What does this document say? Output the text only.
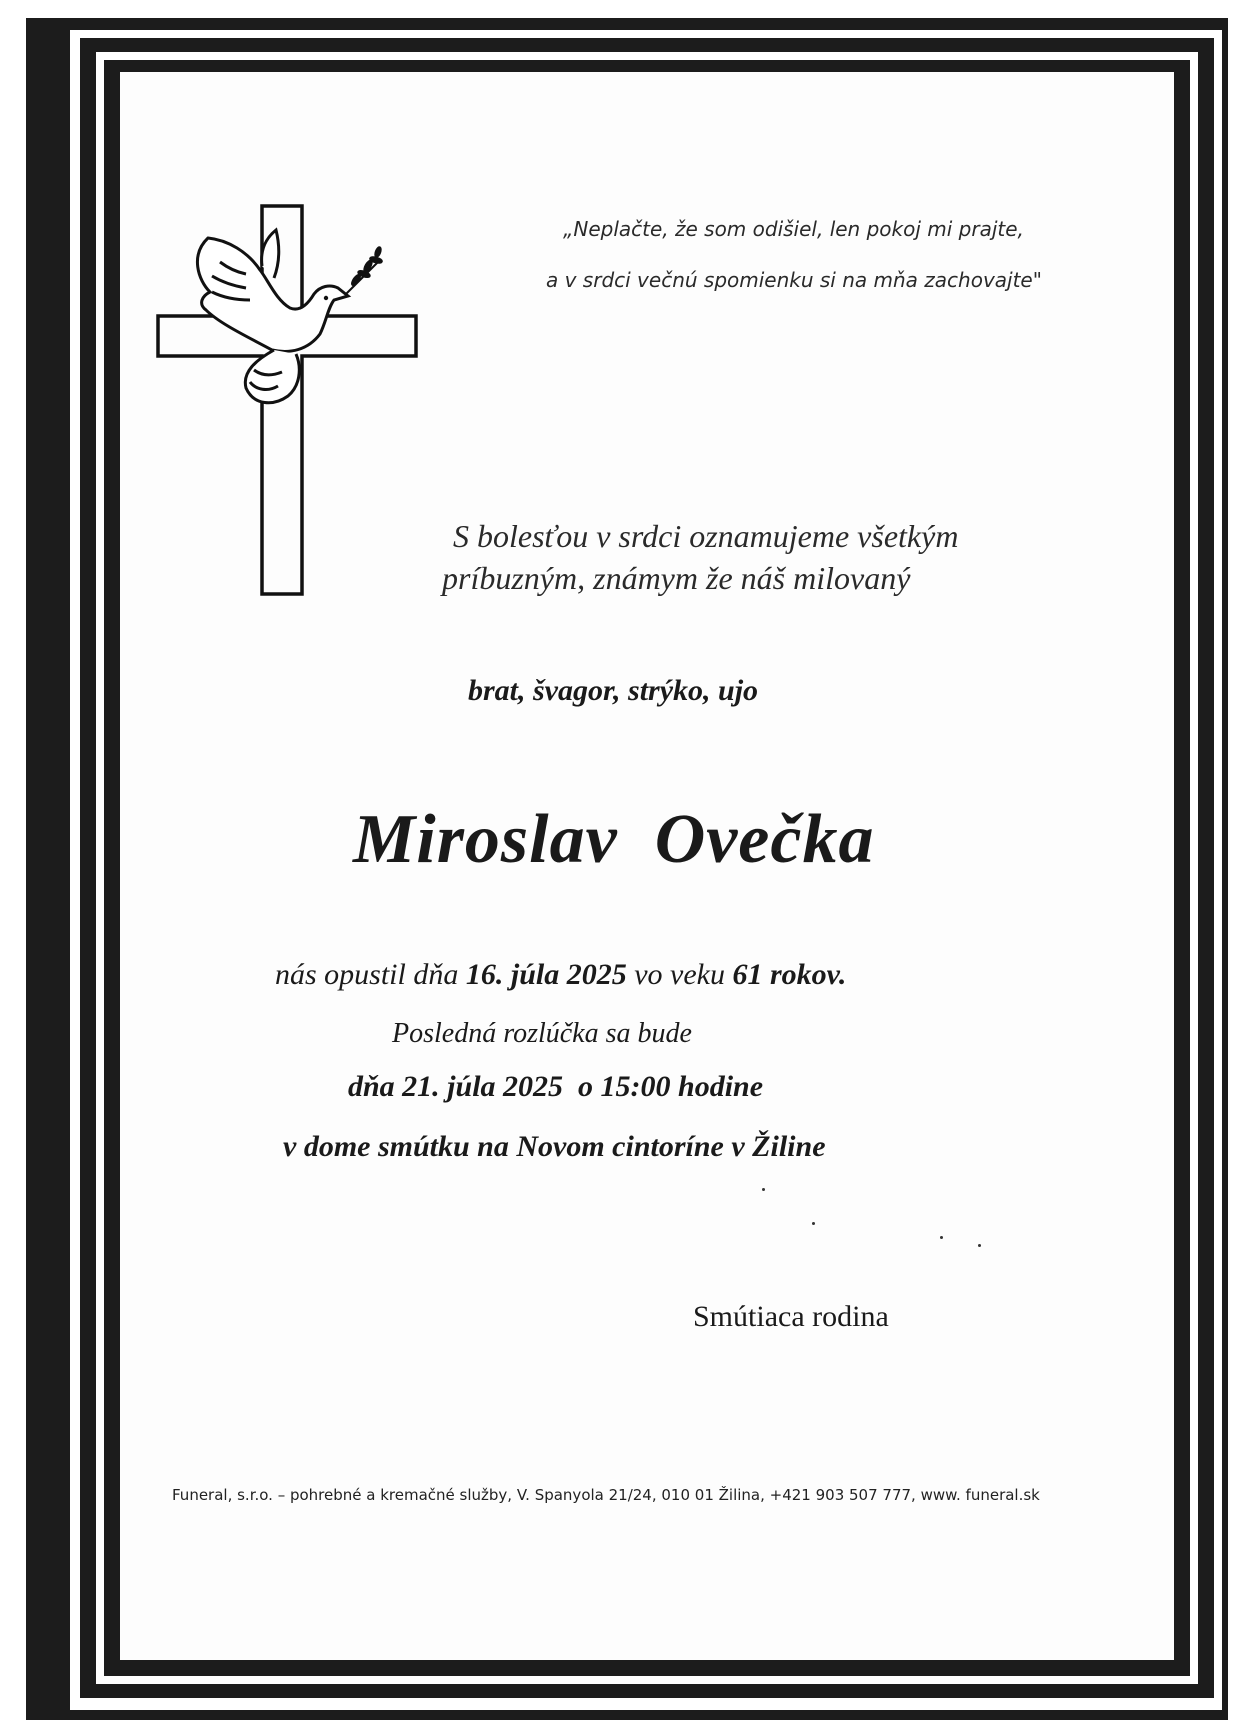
„Neplačte, že som odišiel, len pokoj mi prajte,
a v srdci večnú spomienku si na mňa zachovajte"
S bolesťou v srdci oznamujeme všetkým
príbuzným, známym že náš milovaný
brat, švagor, strýko, ujo
Miroslav  Ovečka
nás opustil dňa 16. júla 2025 vo veku 61 rokov.
Posledná rozlúčka sa bude
dňa 21. júla 2025  o 15:00 hodine
v dome smútku na Novom cintoríne v Žiline
Smútiaca rodina
Funeral, s.r.o. – pohrebné a kremačné služby, V. Spanyola 21/24, 010 01 Žilina, +421 903 507 777, www. funeral.sk
